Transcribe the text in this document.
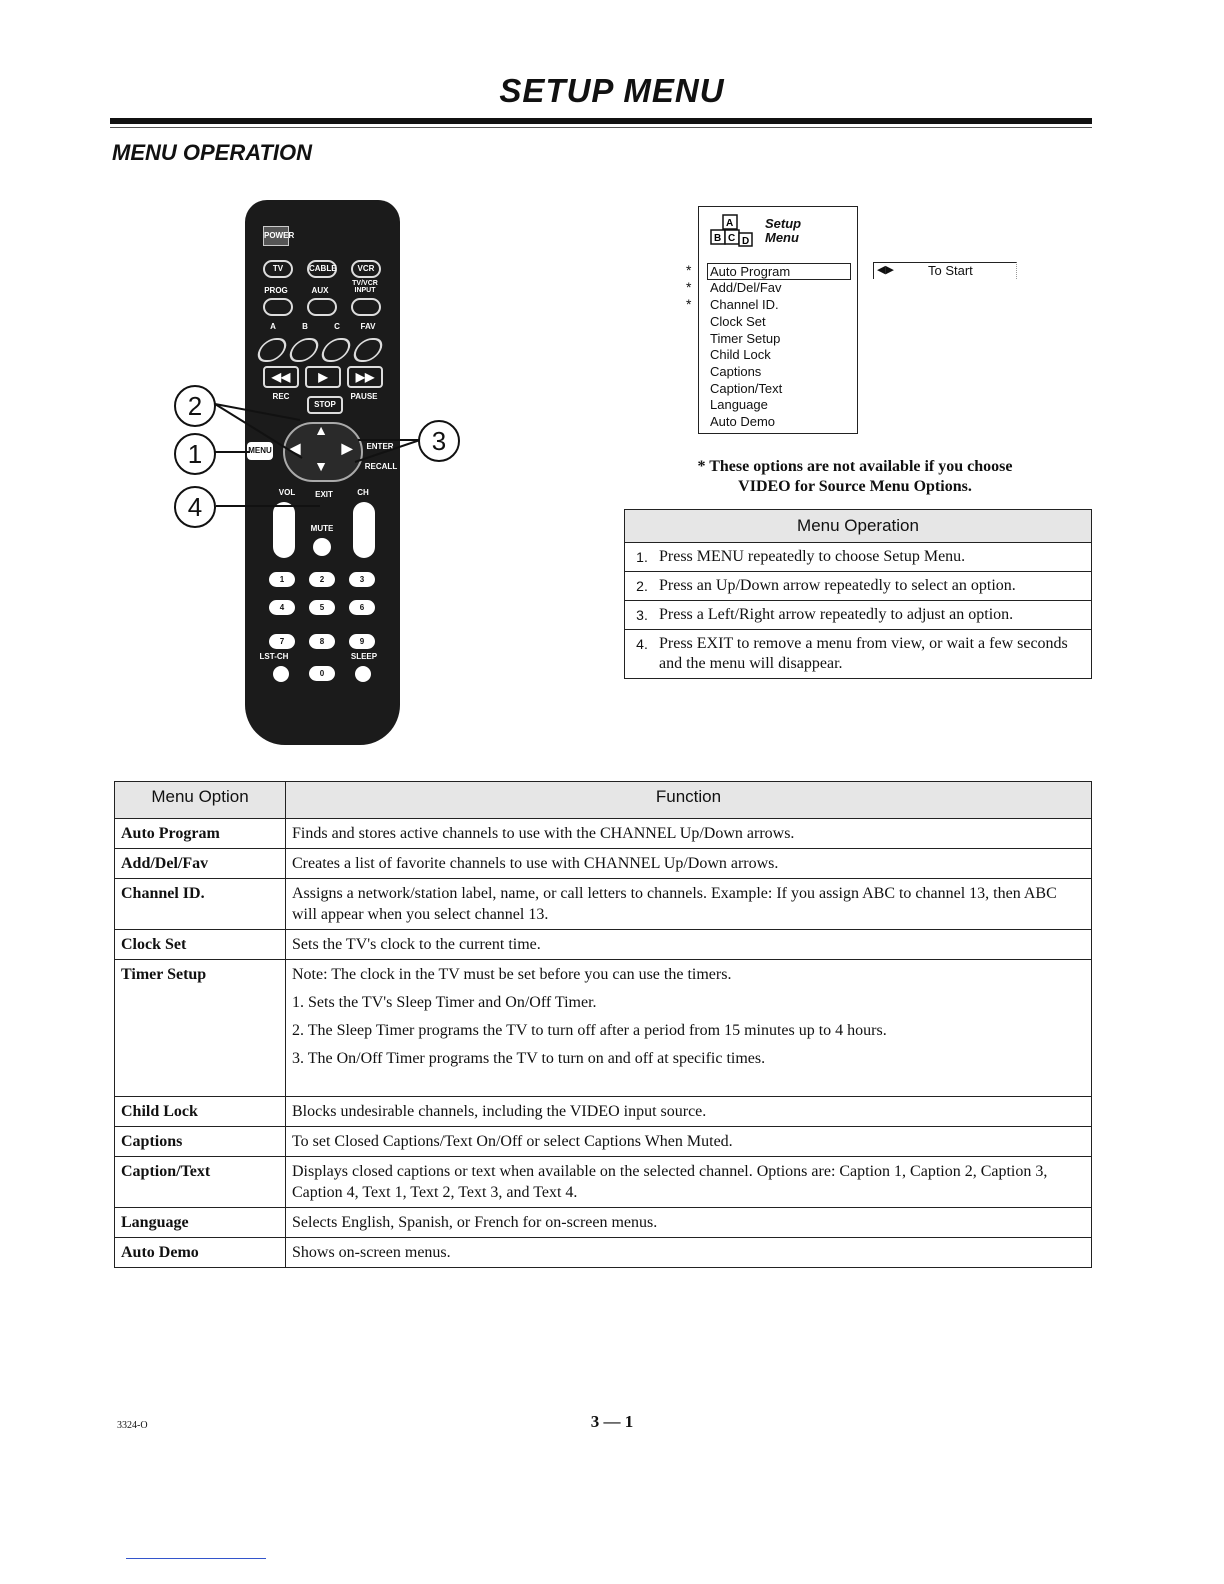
SETUP MENU
MENU OPERATION
POWER
TV	CABLE	VCR
PROG	AUX
TV/VCR INPUT
A	B	C	FAV
◀◀	▶	▶▶
REC
STOP
PAUSE
MENU
▲
▼
◀	▶	ENTER
RECALL
VOL	EXIT	CH
MUTE
1	2	3
4	5	6
7	8	9
LST-CH	SLEEP
0
2
1
4
3
A
B C D
Setup
Menu
Auto Program
Add/Del/Fav
Channel ID.
Clock Set
Timer Setup
Child Lock
Captions
Caption/Text
Language
Auto Demo
*
*
*
◀▶	To Start
* These options are not available if you choose
VIDEO for Source Menu Options.
Menu Operation
1. Press MENU repeatedly to choose Setup Menu.
2. Press an Up/Down arrow repeatedly to select an option.
3. Press a Left/Right arrow repeatedly to adjust an option.
4. Press EXIT to remove a menu from view, or wait a few seconds and the menu will disappear.
Menu Option	Function
Auto Program	Finds and stores active channels to use with the CHANNEL Up/Down arrows.
Add/Del/Fav	Creates a list of favorite channels to use with CHANNEL Up/Down arrows.
Channel ID.	Assigns a network/station label, name, or call letters to channels. Example: If you assign ABC to channel 13, then ABC will appear when you select channel 13.
Clock Set	Sets the TV's clock to the current time.
Timer Setup	Note: The clock in the TV must be set before you can use the timers.

1. Sets the TV's Sleep Timer and On/Off Timer.

2. The Sleep Timer programs the TV to turn off after a period from 15 minutes up to 4 hours.

3. The On/Off Timer programs the TV to turn on and off at specific times.

Child Lock	Blocks undesirable channels, including the VIDEO input source.
Captions	To set Closed Captions/Text On/Off or select Captions When Muted.
Caption/Text	Displays closed captions or text when available on the selected channel. Options are: Caption 1, Caption 2, Caption 3, Caption 4, Text 1, Text 2, Text 3, and Text 4.
Language	Selects English, Spanish, or French for on-screen menus.
Auto Demo	Shows on-screen menus.
3324-O	3 — 1
